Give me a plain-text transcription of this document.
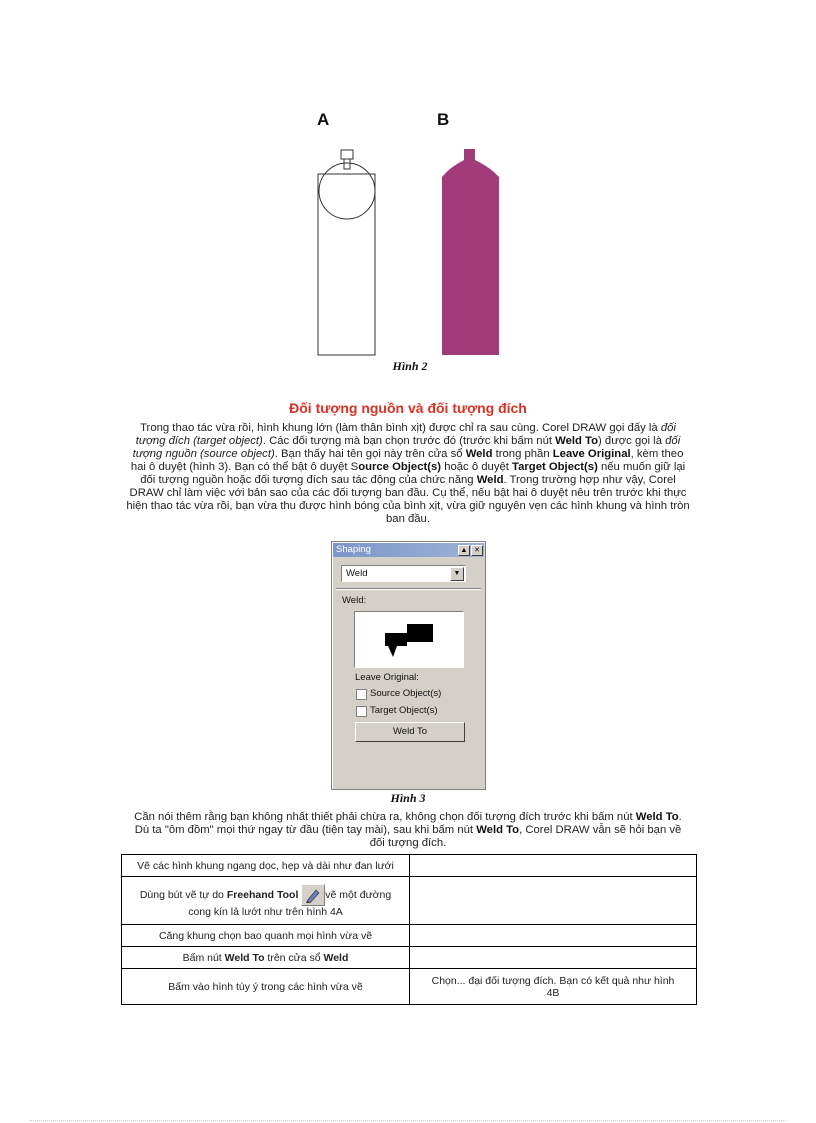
A	B
Hình 2
Đối tượng nguồn và đối tượng đích
Trong thao tác vừa rồi, hình khung lớn (làm thân bình xịt) được chỉ ra sau cùng. Corel DRAW gọi đấy là đối
tượng đích (target object). Các đối tượng mà bạn chọn trước đó (trước khi bấm nút Weld To) được gọi là đối
tượng nguồn (source object). Bạn thấy hai tên gọi này trên cửa sổ Weld trong phần Leave Original, kèm theo
hai ô duyệt (hình 3). Bạn có thể bật ô duyệt Source Object(s) hoặc ô duyệt Target Object(s) nếu muốn giữ lại
đối tượng nguồn hoặc đối tượng đích sau tác động của chức năng Weld. Trong trường hợp như vậy, Corel
DRAW chỉ làm việc với bản sao của các đối tượng ban đầu. Cụ thể, nếu bật hai ô duyệt nêu trên trước khi thực
hiện thao tác vừa rồi, bạn vừa thu được hình bóng của bình xịt, vừa giữ nguyên vẹn các hình khung và hình tròn
ban đầu.
Shaping	▲ ✕
Weld	▼
Weld:
Leave Original:
Source Object(s)
Target Object(s)
Weld To
Hình 3
Cần nói thêm rằng bạn không nhất thiết phải chừa ra, không chọn đối tượng đích trước khi bấm nút Weld To.
Dù ta "ôm đồm" mọi thứ ngay từ đầu (tiện tay mài), sau khi bấm nút Weld To, Corel DRAW vẫn sẽ hỏi bạn về
đối tượng đích.
Vẽ các hình khung ngang dọc, hẹp và dài như đan lưới	
Dùng bút vẽ tự do Freehand Tool vẽ một đường
cong kín lả lướt như trên hình 4A	
Căng khung chọn bao quanh mọi hình vừa vẽ	
Bấm nút Weld To trên cửa sổ Weld	
Bấm vào hình tùy ý trong các hình vừa vẽ	Chọn... đại đối tượng đích. Bạn có kết quả như hình
4B
